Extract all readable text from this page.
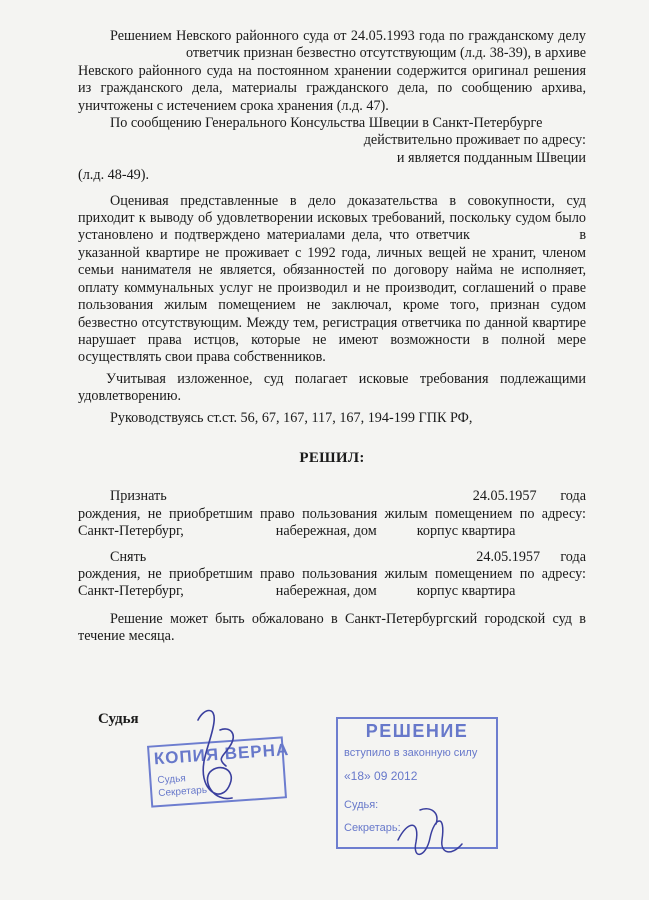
Решением Невского районного суда от 24.05.1993 года по гражданскому делуответчик признан безвестно отсутствующим (л.д. 38-39), в архиве Невского районного суда на постоянном хранении содержится оригинал решения из гражданского дела, материалы гражданского дела, по сообщению архива, уничтожены с истечением срока хранения (л.д. 47).

По сообщению Генерального Консульства Швеции в Санкт-Петербурге

действительно проживает по адресу:

и является подданным Швеции

(л.д. 48-49).

Оценивая представленные в дело доказательства в совокупности, суд приходит к выводу об удовлетворении исковых требований, поскольку судом было установлено и подтверждено материалами дела, что ответчик	в указанной квартире не проживает с 1992 года, личных вещей не хранит, членом семьи нанимателя не является, обязанностей по договору найма не исполняет, оплату коммунальных услуг не производил и не производит, соглашений о праве пользования жилым помещением не заключал, кроме того, признан судом безвестно отсутствующим. Между тем, регистрация ответчика по данной квартире нарушает права истцов, которые не имеют возможности в полной мере осуществлять свои права собственников.

Учитывая изложенное, суд полагает исковые требования подлежащими удовлетворению.

Руководствуясь ст.ст. 56, 67, 167, 117, 167, 194-199 ГПК РФ,

РЕШИЛ:

Признать	24.05.1957 года рождения, не приобретшим право пользования жилым помещением по адресу: Санкт-Петербург,	набережная, дом	корпус квартира

Снять	24.05.1957 года рождения, не приобретшим право пользования жилым помещением по адресу: Санкт-Петербург,	набережная, дом	корпус квартира

Решение может быть обжаловано в Санкт-Петербургский городской суд в течение месяца.

Судья
КОПИЯ ВЕРНА
Судья
Секретарь
РЕШЕНИЕ
вступило в законную силу
«18» 09 2012
Судья:
Секретарь:
